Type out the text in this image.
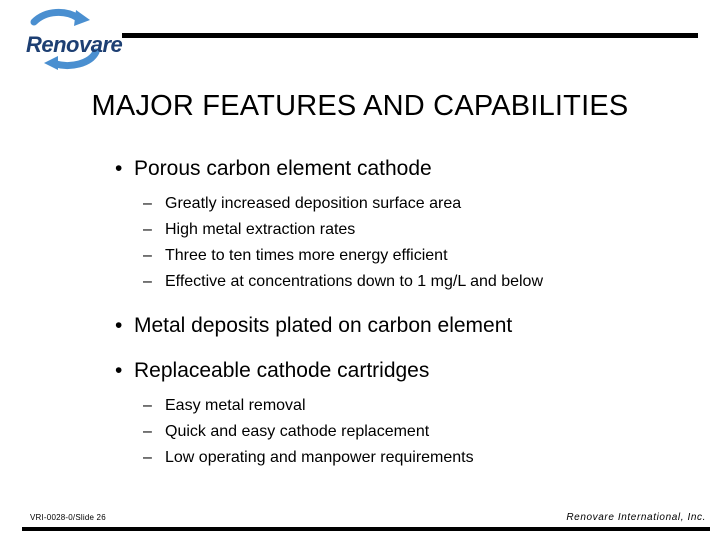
Renovare
MAJOR FEATURES AND CAPABILITIES
• Porous carbon element cathode
– Greatly increased deposition surface area
– High metal extraction rates
– Three to ten times more energy efficient
– Effective at concentrations down to 1 mg/L and below
• Metal deposits plated on carbon element
• Replaceable cathode cartridges
– Easy metal removal
– Quick and easy cathode replacement
– Low operating and manpower requirements
VRI-0028-0/Slide 26	Renovare International, Inc.
